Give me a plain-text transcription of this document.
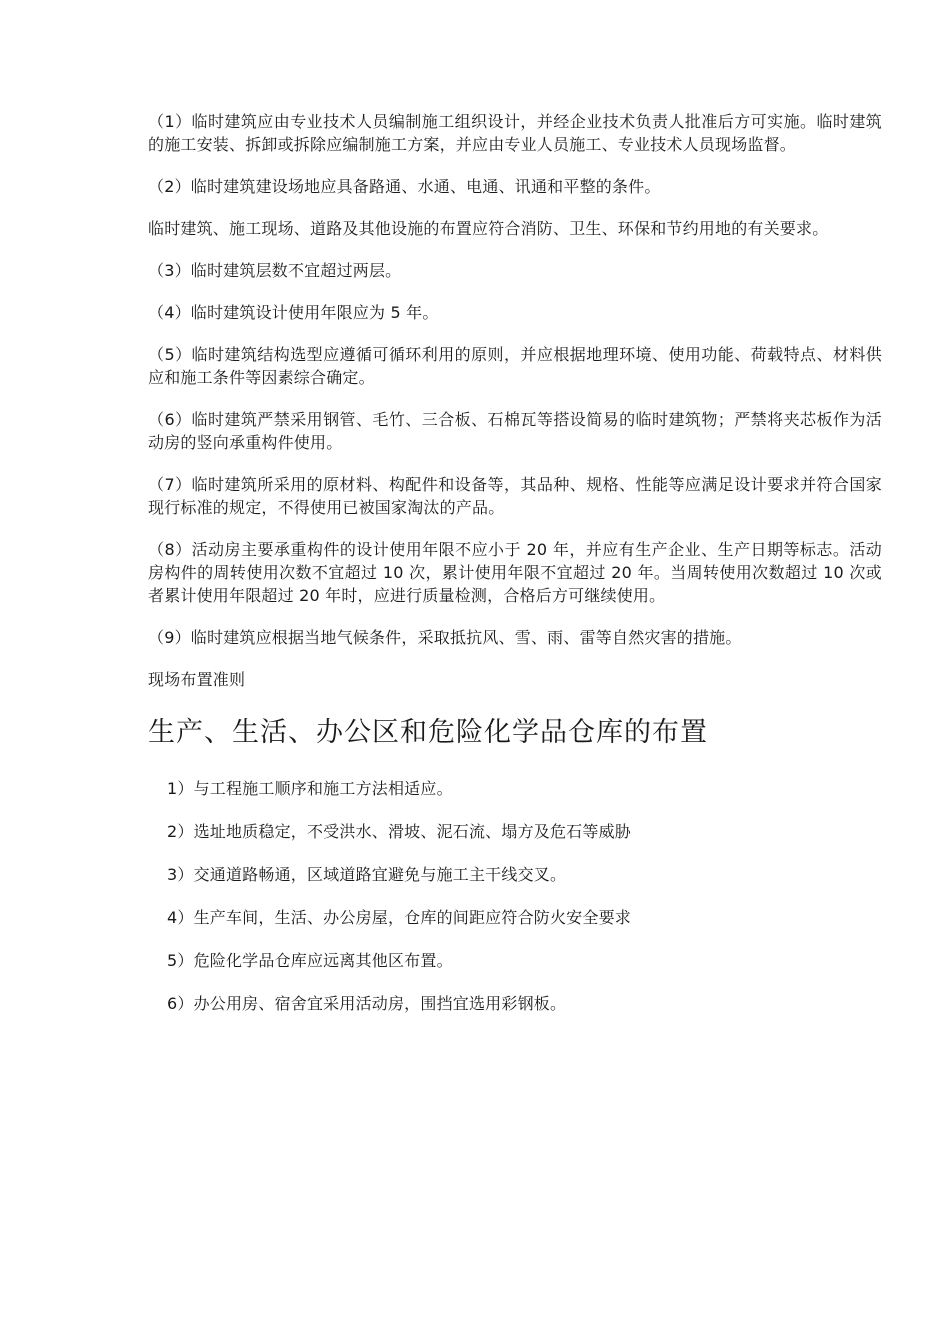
（1）临时建筑应由专业技术人员编制施工组织设计，并经企业技术负责人批准后方可实施。临时建筑的施工安装、拆卸或拆除应编制施工方案，并应由专业人员施工、专业技术人员现场监督。

（2）临时建筑建设场地应具备路通、水通、电通、讯通和平整的条件。

临时建筑、施工现场、道路及其他设施的布置应符合消防、卫生、环保和节约用地的有关要求。

（3）临时建筑层数不宜超过两层。

（4）临时建筑设计使用年限应为 5 年。

（5）临时建筑结构选型应遵循可循环利用的原则，并应根据地理环境、使用功能、荷载特点、材料供应和施工条件等因素综合确定。

（6）临时建筑严禁采用钢管、毛竹、三合板、石棉瓦等搭设简易的临时建筑物；严禁将夹芯板作为活动房的竖向承重构件使用。

（7）临时建筑所采用的原材料、构配件和设备等，其品种、规格、性能等应满足设计要求并符合国家现行标准的规定，不得使用已被国家淘汰的产品。

（8）活动房主要承重构件的设计使用年限不应小于 20 年，并应有生产企业、生产日期等标志。活动房构件的周转使用次数不宜超过 10 次，累计使用年限不宜超过 20 年。当周转使用次数超过 10 次或者累计使用年限超过 20 年时，应进行质量检测，合格后方可继续使用。

（9）临时建筑应根据当地气候条件，采取抵抗风、雪、雨、雷等自然灾害的措施。

现场布置准则

生产、生活、办公区和危险化学品仓库的布置

1）与工程施工顺序和施工方法相适应。

2）选址地质稳定，不受洪水、滑坡、泥石流、塌方及危石等威胁

3）交通道路畅通，区域道路宜避免与施工主干线交叉。

4）生产车间，生活、办公房屋，仓库的间距应符合防火安全要求

5）危险化学品仓库应远离其他区布置。

6）办公用房、宿舍宜采用活动房，围挡宜选用彩钢板。
